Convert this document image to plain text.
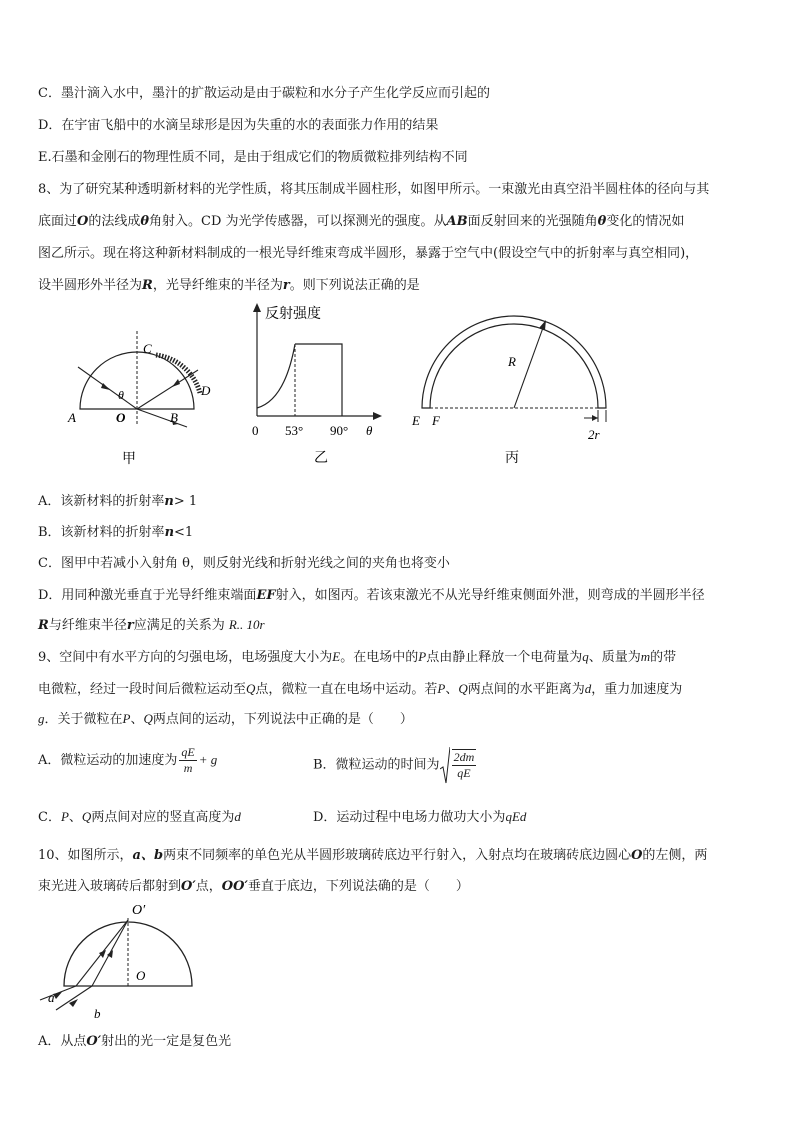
C．墨汁滴入水中，墨汁的扩散运动是由于碳粒和水分子产生化学反应而引起的
D．在宇宙飞船中的水滴呈球形是因为失重的水的表面张力作用的结果
E.石墨和金刚石的物理性质不同，是由于组成它们的物质微粒排列结构不同
8、为了研究某种透明新材料的光学性质，将其压制成半圆柱形，如图甲所示。一束激光由真空沿半圆柱体的径向与其
底面过O的法线成θ角射入。CD 为光学传感器，可以探测光的强度。从AB面反射回来的光强随角θ变化的情况如
图乙所示。现在将这种新材料制成的一根光导纤维束弯成半圆形，暴露于空气中(假设空气中的折射率与真空相同)，
设半圆形外半径为R，光导纤维束的半径为r。则下列说法正确的是
C
D
A	O	B
θ
甲
反射强度
0 53° 90° θ
乙
R
E F
2r
丙
A．该新材料的折射率n> 1
B．该新材料的折射率n<1
C．图甲中若减小入射角 θ，则反射光线和折射光线之间的夹角也将变小
D．用同种激光垂直于光导纤维束端面EF射入，如图丙。若该束激光不从光导纤维束侧面外泄，则弯成的半圆形半径
R与纤维束半径r应满足的关系为 R.. 10r
9、空间中有水平方向的匀强电场，电场强度大小为E。在电场中的P点由静止释放一个电荷量为q、质量为m的带
电微粒，经过一段时间后微粒运动至Q点，微粒一直在电场中运动。若P、Q两点间的水平距离为d，重力加速度为
g．关于微粒在P、Q两点间的运动，下列说法中正确的是（　　）
A．微粒运动的加速度为 $\frac{qE}{m} + g$	B．微粒运动的时间为 $\frac{2dm}{qE}$
C．P、Q两点间对应的竖直高度为d	D．运动过程中电场力做功大小为qEd
10、如图所示，a、b两束不同频率的单色光从半圆形玻璃砖底边平行射入，入射点均在玻璃砖底边圆心O的左侧，两
束光进入玻璃砖后都射到O′点，OO′垂直于底边，下列说法确的是（　　）
O′
O
a
b
A．从点O′射出的光一定是复色光
